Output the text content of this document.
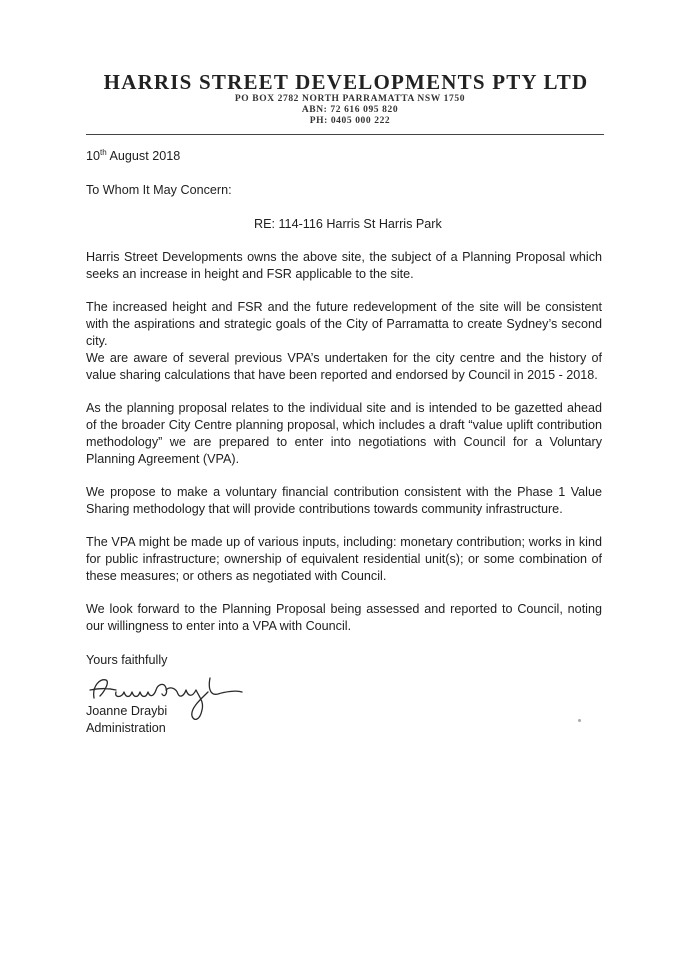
HARRIS STREET DEVELOPMENTS PTY LTD
PO BOX 2782 NORTH PARRAMATTA NSW 1750
ABN: 72 616 095 820
PH: 0405 000 222
10th August 2018
To Whom It May Concern:
RE: 114-116 Harris St Harris Park
Harris Street Developments owns the above site, the subject of a Planning Proposal which seeks an increase in height and FSR applicable to the site.
The increased height and FSR and the future redevelopment of the site will be consistent with the aspirations and strategic goals of the City of Parramatta to create Sydney’s second city.
We are aware of several previous VPA’s undertaken for the city centre and the history of value sharing calculations that have been reported and endorsed by Council in 2015 - 2018.
As the planning proposal relates to the individual site and is intended to be gazetted ahead of the broader City Centre planning proposal, which includes a draft “value uplift contribution methodology” we are prepared to enter into negotiations with Council for a Voluntary Planning Agreement (VPA).
We propose to make a voluntary financial contribution consistent with the Phase 1 Value Sharing methodology that will provide contributions towards community infrastructure.
The VPA might be made up of various inputs, including: monetary contribution; works in kind for public infrastructure; ownership of equivalent residential unit(s); or some combination of these measures; or others as negotiated with Council.
We look forward to the Planning Proposal being assessed and reported to Council, noting our willingness to enter into a VPA with Council.
Yours faithfully
Joanne Draybi
Administration
